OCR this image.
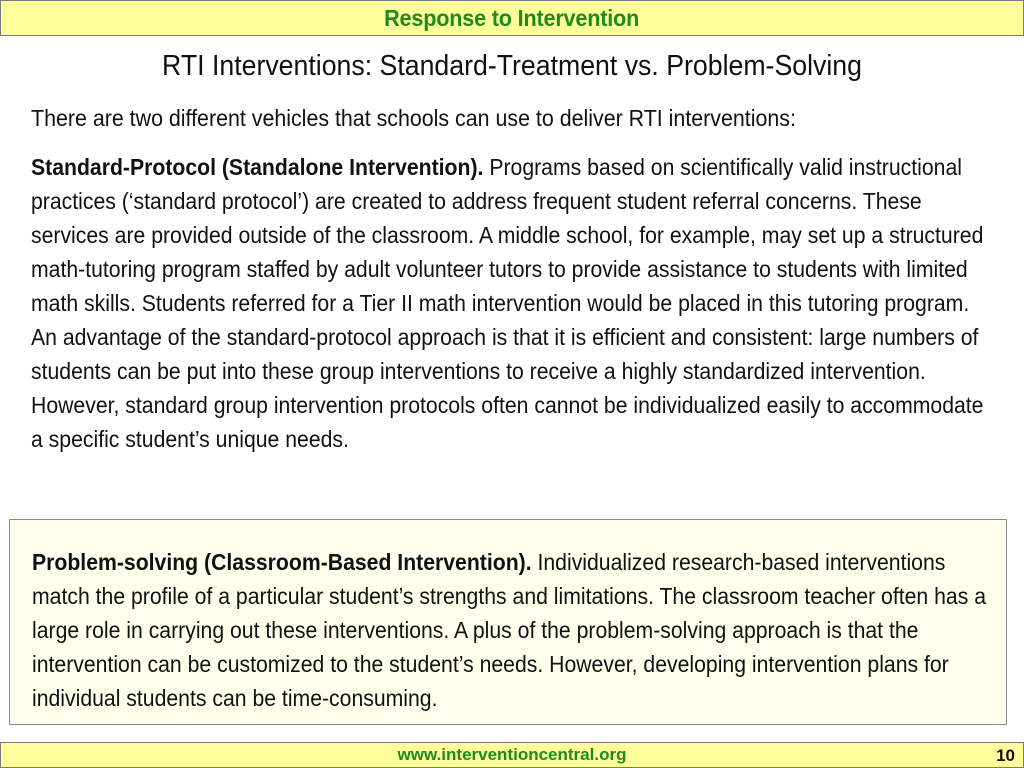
Response to Intervention
RTI Interventions: Standard-Treatment vs. Problem-Solving
There are two different vehicles that schools can use to deliver RTI interventions:
Standard-Protocol (Standalone Intervention). Programs based on scientifically valid instructional practices (‘standard protocol’) are created to address frequent student referral concerns. These services are provided outside of the classroom. A middle school, for example, may set up a structured math-tutoring program staffed by adult volunteer tutors to provide assistance to students with limited math skills. Students referred for a Tier II math intervention would be placed in this tutoring program. An advantage of the standard-protocol approach is that it is efficient and consistent: large numbers of students can be put into these group interventions to receive a highly standardized intervention. However, standard group intervention protocols often cannot be individualized easily to accommodate a specific student’s unique needs.
Problem-solving (Classroom-Based Intervention). Individualized research-based interventions match the profile of a particular student’s strengths and limitations. The classroom teacher often has a large role in carrying out these interventions. A plus of the problem-solving approach is that the intervention can be customized to the student’s needs. However, developing intervention plans for individual students can be time-consuming.
www.interventioncentral.org	10
